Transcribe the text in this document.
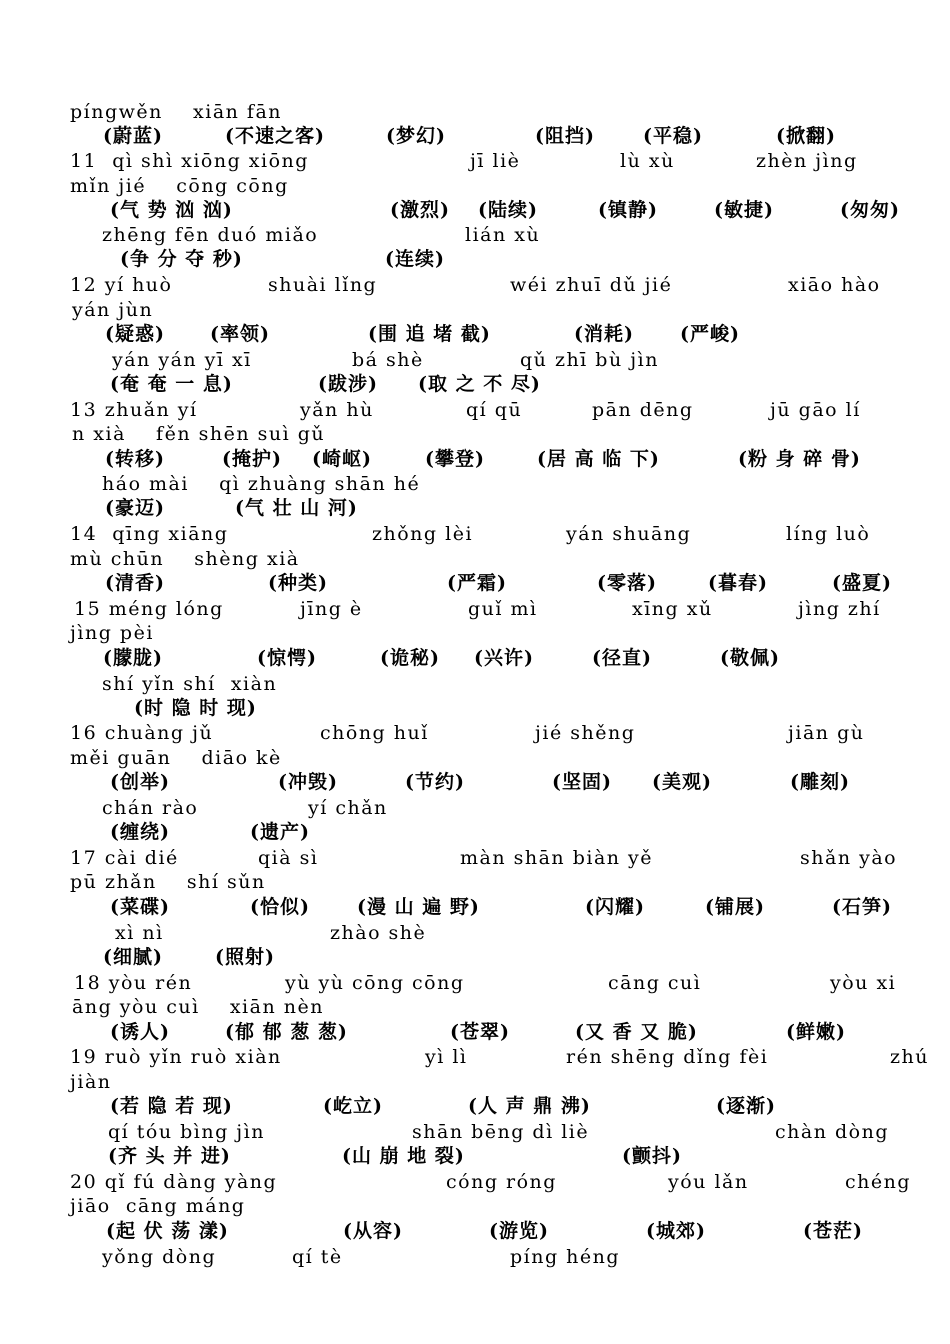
píngwěn    xiān fān
(蔚蓝)	(不速之客)	(梦幻)	(阻挡)	(平稳)	(掀翻)
11  qì shì xiōng xiōng	jī liè	lù xù	zhèn jìng
mǐn jié    cōng cōng
(气 势 汹 汹)	(激烈) (陆续)	(镇静)	(敏捷)	(匆匆)
zhēng fēn duó miǎo	lián xù
(争 分 夺 秒)	(连续)
12 yí huò	shuài lǐng	wéi zhuī dǔ jié	xiāo hào
yán jùn
(疑惑) (率领)	(围 追 堵 截)	(消耗) (严峻)
yán yán yī xī	bá shè	qǔ zhī bù jìn
(奄 奄 一 息)	(跋涉) (取 之 不 尽)
13 zhuǎn yí	yǎn hù	qí qū	pān dēng	jū gāo lí
n xià    fěn shēn suì gǔ
(转移)	(掩护) (崎岖)	(攀登)	(居 高 临 下)	(粉 身 碎 骨)
háo mài    qì zhuàng shān hé
(豪迈)	(气 壮 山 河)
14  qīng xiāng	zhǒng lèi	yán shuāng	líng luò
mù chūn    shèng xià
(清香)	(种类)	(严霜)	(零落)	(暮春)	(盛夏)
15 méng lóng	jīng è	guǐ mì	xīng xǔ	jìng zhí
jìng pèi
(朦胧)	(惊愕)	(诡秘) (兴许)	(径直)	(敬佩)
shí yǐn shí  xiàn
(时 隐 时 现)
16 chuàng jǔ	chōng huǐ	jié shěng	jiān gù
měi guān    diāo kè
(创举)	(冲毁)	(节约)	(坚固) (美观)	(雕刻)
chán rào	yí chǎn
(缠绕)	(遗产)
17 cài dié	qià sì	màn shān biàn yě	shǎn yào
pū zhǎn    shí sǔn
(菜碟)	(恰似) (漫 山 遍 野)	(闪耀)	(铺展)	(石笋)
xì nì	zhào shè
(细腻)	(照射)
18 yòu rén	yù yù cōng cōng	cāng cuì	yòu xi
āng yòu cuì    xiān nèn
(诱人)	(郁 郁 葱 葱)	(苍翠)	(又 香 又 脆)	(鲜嫩)
19 ruò yǐn ruò xiàn	yì lì	rén shēng dǐng fèi	zhú
jiàn
(若 隐 若 现)	(屹立)	(人 声 鼎 沸)	(逐渐)
qí tóu bìng jìn	shān bēng dì liè	chàn dòng
(齐 头 并 进)	(山 崩 地 裂)	(颤抖)
20 qǐ fú dàng yàng	cóng róng	yóu lǎn	chéng
jiāo  cāng máng
(起 伏 荡 漾)	(从容)	(游览)	(城郊)	(苍茫)
yǒng dòng	qí tè	píng héng
